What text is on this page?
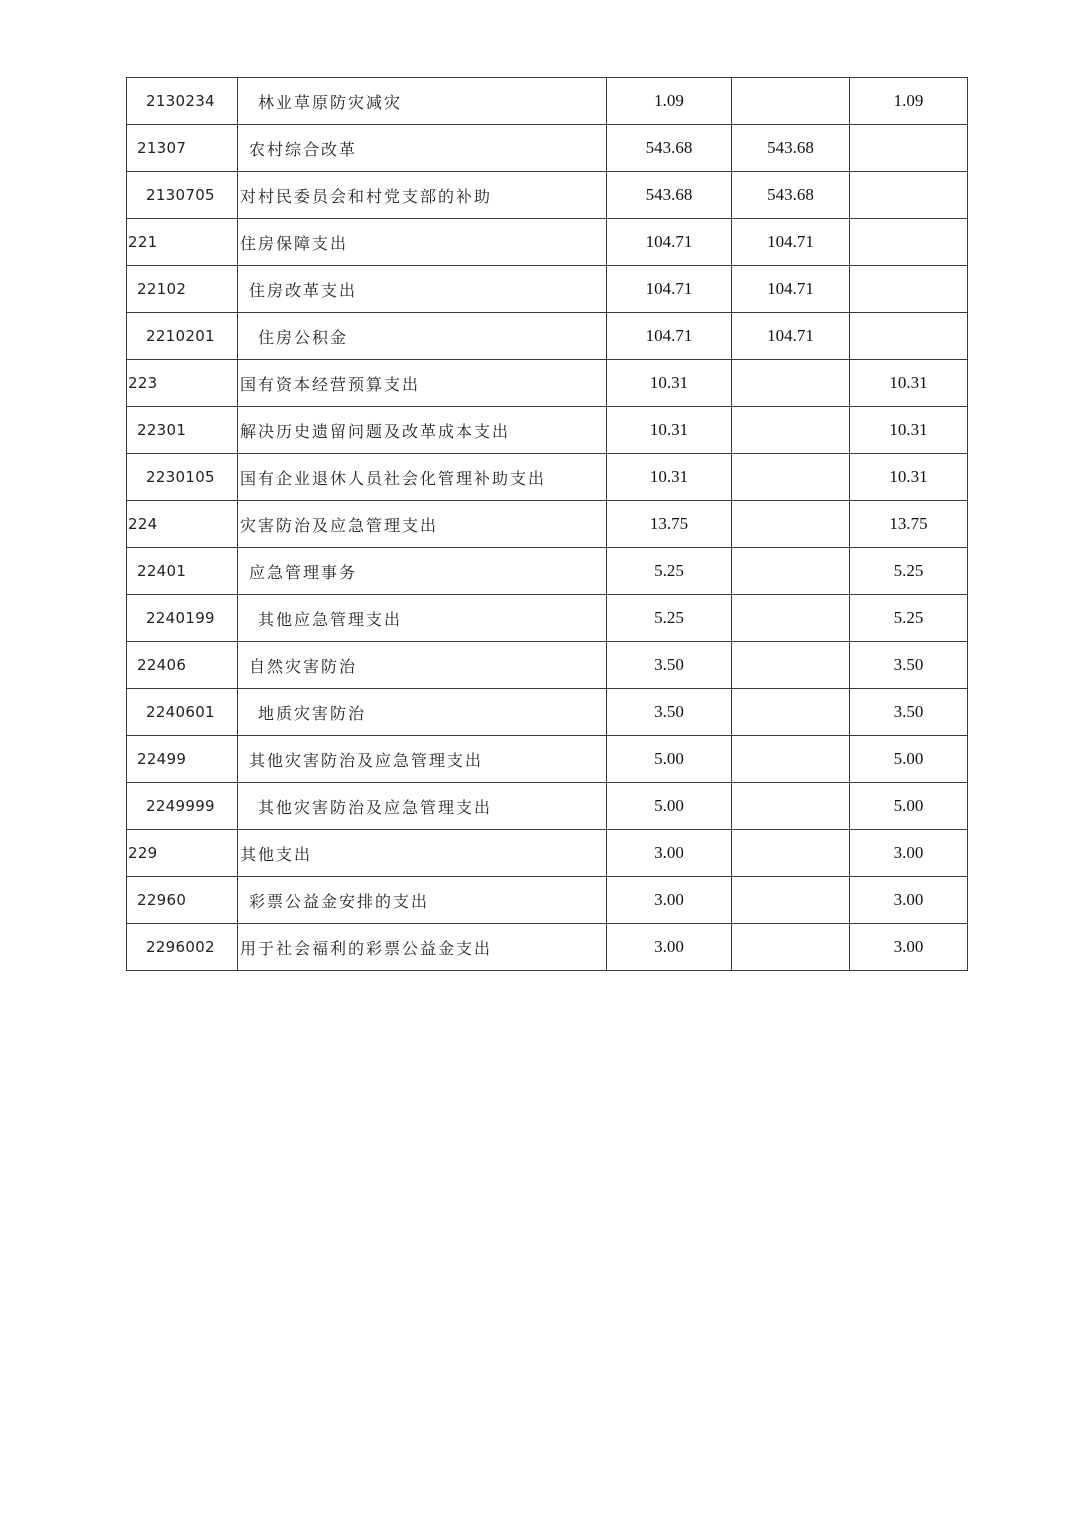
2130234	林业草原防灾减灾	1.09		1.09
21307	农村综合改革	543.68	543.68	
2130705	对村民委员会和村党支部的补助	543.68	543.68	
221	住房保障支出	104.71	104.71	
22102	住房改革支出	104.71	104.71	
2210201	住房公积金	104.71	104.71	
223	国有资本经营预算支出	10.31		10.31
22301	解决历史遗留问题及改革成本支出	10.31		10.31
2230105	国有企业退休人员社会化管理补助支出	10.31		10.31
224	灾害防治及应急管理支出	13.75		13.75
22401	应急管理事务	5.25		5.25
2240199	其他应急管理支出	5.25		5.25
22406	自然灾害防治	3.50		3.50
2240601	地质灾害防治	3.50		3.50
22499	其他灾害防治及应急管理支出	5.00		5.00
2249999	其他灾害防治及应急管理支出	5.00		5.00
229	其他支出	3.00		3.00
22960	彩票公益金安排的支出	3.00		3.00
2296002	用于社会福利的彩票公益金支出	3.00		3.00
